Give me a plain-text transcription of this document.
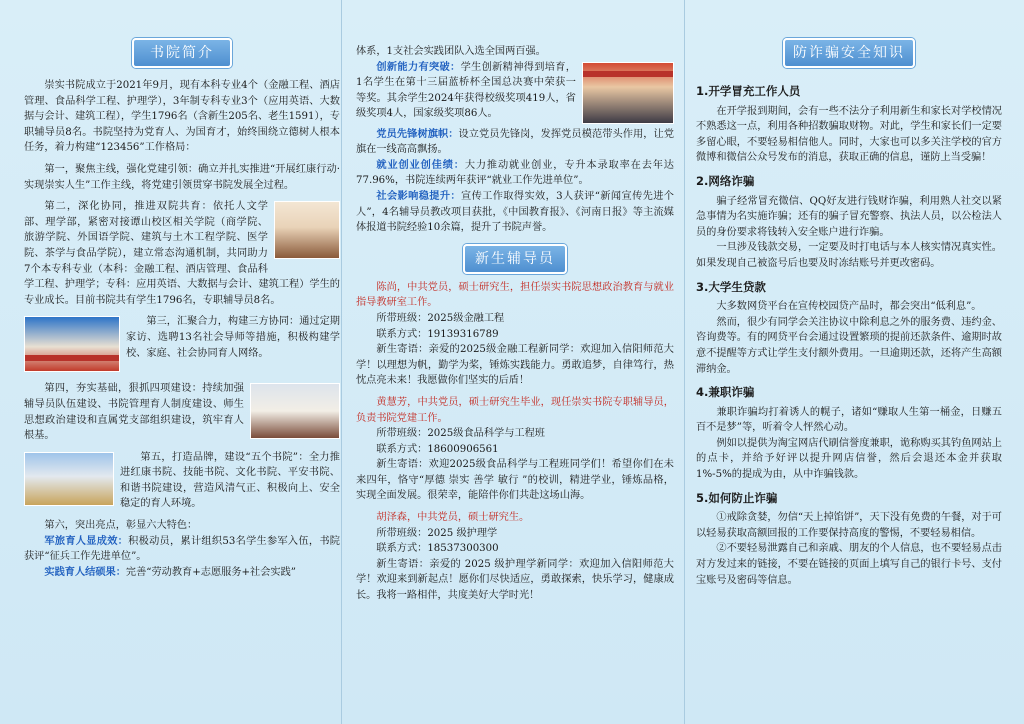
书院简介

崇实书院成立于2021年9月，现有本科专业4个（金融工程、酒店管理、食品科学工程、护理学），3年制专科专业3个（应用英语、大数据与会计、建筑工程），学生1796名（含新生205名、老生1591），专职辅导员8名。书院坚持为党育人、为国育才，始终围绕立德树人根本任务，着力构建“123456”工作格局：

第一，聚焦主线，强化党建引领：确立并扎实推进“开展红康行动·实现崇实人生”工作主线，将党建引领贯穿书院发展全过程。

第二，深化协同，推进双院共育：依托人文学部、理学部，紧密对接谭山校区相关学院（商学院、旅游学院、外国语学院、建筑与土木工程学院、医学院、茶学与食品学院），建立常态沟通机制，共同助力7个本专科专业（本科：金融工程、酒店管理、食品科学工程、护理学；专科：应用英语、大数据与会计、建筑工程）学生的专业成长。目前书院共有学生1796名，专职辅导员8名。

第三，汇聚合力，构建三方协同：通过定期家访、选聘13名社会导师等措施，积极构建学校、家庭、社会协同育人网络。

第四，夯实基础，狠抓四项建设：持续加强辅导员队伍建设、书院管理育人制度建设、师生思想政治建设和直属党支部组织建设，筑牢育人根基。

第五，打造品牌，建设“五个书院”：全力推进红康书院、技能书院、文化书院、平安书院、和谐书院建设，营造风清气正、积极向上、安全稳定的育人环境。

第六，突出亮点，彰显六大特色：

军旅育人显成效：积极动员，累计组织53名学生参军入伍，书院获评“征兵工作先进单位”。

实践育人结硕果：完善“劳动教育+志愿服务+社会实践”

体系，1支社会实践团队入选全国两百强。

创新能力有突破：学生创新精神得到培育，1名学生在第十三届蓝桥杯全国总决赛中荣获一等奖。其余学生2024年获得校级奖项419人，省级奖项4人，国家级奖项86人。

党员先锋树旗帜：设立党员先锋岗，发挥党员模范带头作用，让党旗在一线高高飘扬。

就业创业创佳绩：大力推动就业创业，专升本录取率在去年达77.96%，书院连续两年获评“就业工作先进单位”。

社会影响稳提升：宣传工作取得实效，3人获评“新闻宣传先进个人”，4名辅导员教改项目获批，《中国教育报》、《河南日报》等主流媒体报道书院经验10余篇，提升了书院声誉。

新生辅导员

陈尚，中共党员，硕士研究生，担任崇实书院思想政治教育与就业指导教研室工作。

所带班级：2025级金融工程

联系方式：19139316789

新生寄语：亲爱的2025级金融工程新同学：欢迎加入信阳师范大学！以理想为帆，勤学为桨，锤炼实践能力。勇敢追梦，自律笃行，热忱点亮未来！我愿做你们坚实的后盾！

黄慧芳，中共党员，硕士研究生毕业，现任崇实书院专职辅导员，负责书院党建工作。

所带班级：2025级食品科学与工程班

联系方式：18600906561

新生寄语：欢迎2025级食品科学与工程班同学们！希望你们在未来四年，恪守“厚德 崇实 善学 敏行 ”的校训，精进学业，锤炼品格，实现全面发展。很荣幸，能陪伴你们共赴这场山海。

胡泽森，中共党员，硕士研究生。

所带班级：2025 级护理学

联系方式：18537300300

新生寄语：亲爱的 2025 级护理学新同学：欢迎加入信阳师范大学！欢迎来到新起点！愿你们尽快适应，勇敢探索，快乐学习，健康成长。我将一路相伴，共度美好大学时光！

防诈骗安全知识
1.开学冒充工作人员

在开学报到期间，会有一些不法分子利用新生和家长对学校情况不熟悉这一点，利用各种招数骗取财物。对此，学生和家长们一定要多留心眼，不要轻易相信他人。同时，大家也可以多关注学校的官方微博和微信公众号发布的消息，获取正确的信息，谨防上当受骗！

2.网络诈骗

骗子经常冒充微信、QQ好友进行钱财诈骗，利用熟人社交以紧急事情为名实施诈骗；还有的骗子冒充警察、执法人员，以公检法人员的身份要求将钱转入安全账户进行诈骗。

一旦涉及钱款交易，一定要及时打电话与本人核实情况真实性。如果发现自己被盗号后也要及时冻结账号并更改密码。

3.大学生贷款

大多数网贷平台在宣传校园贷产品时，都会突出“低利息”。

然而，很少有同学会关注协议中除利息之外的服务费、违约金、咨询费等。有的网贷平台会通过设置繁琐的提前还款条件、逾期时故意不提醒等方式让学生支付额外费用。一旦逾期还款，还将产生高额滞纳金。

4.兼职诈骗

兼职诈骗均打着诱人的幌子，诸如“赚取人生第一桶金，日赚五百不是梦”等，听着令人怦然心动。

例如以提供为淘宝网店代刷信誉度兼职，诡称购买其钓鱼网站上的点卡，并给予好评以提升网店信誉，然后会退还本金并获取1%-5%的提成为由，从中诈骗钱款。

5.如何防止诈骗

①戒除贪婪，勿信“天上掉馅饼”，天下没有免费的午餐，对于可以轻易获取高额回报的工作要保持高度的警惕，不要轻易相信。

②不要轻易泄露自己和亲戚、朋友的个人信息，也不要轻易点击对方发过来的链接，不要在链接的页面上填写自己的银行卡号、支付宝账号及密码等信息。
